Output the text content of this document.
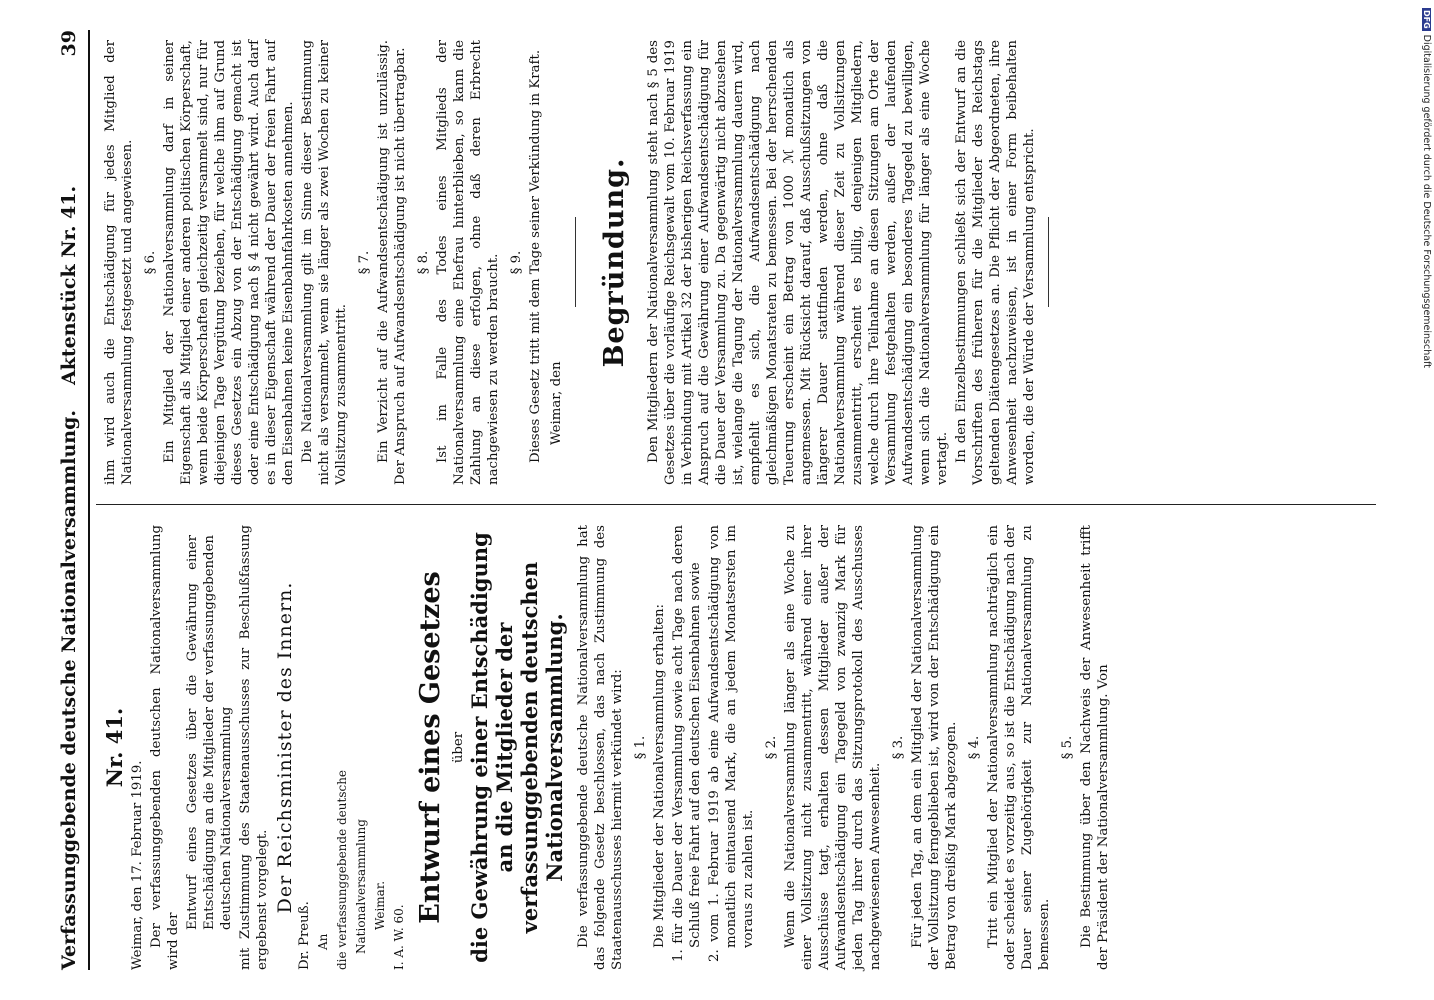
Verfassunggebende deutsche Nationalversammlung.
Aktenstück Nr. 41.
39
Nr. 41.

Weimar, den 17. Februar 1919. Der verfassunggebenden deutschen Nationalversammlung wird der

Entwurf eines Gesetzes über die Gewährung einer Entschädigung an die Mitglieder der verfassunggebenden deutschen Nationalversammlung mit Zustimmung des Staatenausschusses zur Beschlußfassung ergebenst vorgelegt. Der Reichsminister des Innern.

Dr. Preuß. An die verfassunggebende deutsche Nationalversammlung Weimar. I. A. W. 60.

Entwurf eines Gesetzes über die Gewährung einer Entschädigung an die Mitglieder der verfassunggebenden deutschen Nationalversammlung. Die verfassunggebende deutsche Nationalversammlung hat das folgende Gesetz beschlossen, das nach Zustimmung des Staatenausschusses hiermit verkündet wird: § 1. Die Mitglieder der Nationalversammlung erhalten: 1. für die Dauer der Versammlung sowie acht Tage nach deren Schluß freie Fahrt auf den deutschen Eisenbahnen sowie 2. vom 1. Februar 1919 ab eine Aufwandsentschädigung von monatlich eintausend Mark, die an jedem Monatsersten im voraus zu zahlen ist.

§ 2. Wenn die Nationalversammlung länger als eine Woche zu einer Vollsitzung nicht zusammentritt, während einer ihrer Ausschüsse tagt, erhalten dessen Mitglieder außer der Aufwandsentschädigung ein Tagegeld von zwanzig Mark für jeden Tag ihrer durch das Sitzungsprotokoll des Ausschusses nachgewiesenen Anwesenheit.

§ 3. Für jeden Tag, an dem ein Mitglied der Nationalversammlung der Vollsitzung ferngeblieben ist, wird von der Entschädigung ein Betrag von dreißig Mark abgezogen. § 4. Tritt ein Mitglied der Nationalversammlung nachträglich ein oder scheidet es vorzeitig aus, so ist die Entschädigung nach der Dauer seiner Zugehörigkeit zur Nationalversammlung zu bemessen.

§ 5. Die Bestimmung über den Nachweis der Anwesenheit trifft der Präsident der Nationalversammlung. Von

ihm wird auch die Entschädigung für jedes Mitglied der Nationalversammlung festgesetzt und angewiesen. § 6. Ein Mitglied der Nationalversammlung darf in seiner Eigenschaft als Mitglied einer anderen politischen Körperschaft, wenn beide Körperschaften gleichzeitig versammelt sind, nur für diejenigen Tage Vergütung beziehen, für welche ihm auf Grund dieses Gesetzes ein Abzug von der Entschädigung gemacht ist oder eine Entschädigung nach § 4 nicht gewährt wird. Auch darf es in dieser Eigenschaft während der Dauer der freien Fahrt auf den Eisenbahnen keine Eisenbahnfahrkosten annehmen. Die Nationalversammlung gilt im Sinne dieser Bestimmung nicht als versammelt, wenn sie länger als zwei Wochen zu keiner Vollsitzung zusammentritt.

§ 7. Ein Verzicht auf die Aufwandsentschädigung ist unzulässig. Der Anspruch auf Aufwandsentschädigung ist nicht übertragbar. § 8. Ist im Falle des Todes eines Mitglieds der Nationalversammlung eine Ehefrau hinterblieben, so kann die Zahlung an diese erfolgen, ohne daß deren Erbrecht nachgewiesen zu werden braucht. § 9. Dieses Gesetz tritt mit dem Tage seiner Verkündung in Kraft. Weimar, den

Begründung. Den Mitgliedern der Nationalversammlung steht nach § 5 des Gesetzes über die vorläufige Reichsgewalt vom 10. Februar 1919 in Verbindung mit Artikel 32 der bisherigen Reichsverfassung ein Anspruch auf die Gewährung einer Aufwandsentschädigung für die Dauer der Versammlung zu. Da gegenwärtig nicht abzusehen ist, wielange die Tagung der Nationalversammlung dauern wird, empfiehlt es sich, die Aufwandsentschädigung nach gleichmäßigen Monatsraten zu bemessen. Bei der herrschenden Teuerung erscheint ein Betrag von 1000 ℳ monatlich als angemessen. Mit Rücksicht darauf, daß Ausschußsitzungen von längerer Dauer stattfinden werden, ohne daß die Nationalversammlung während dieser Zeit zu Vollsitzungen zusammentritt, erscheint es billig, denjenigen Mitgliedern, welche durch ihre Teilnahme an diesen Sitzungen am Orte der Versammlung festgehalten werden, außer der laufenden Aufwandsentschädigung ein besonderes Tagegeld zu bewilligen, wenn sich die Nationalversammlung für länger als eine Woche vertagt. In den Einzelbestimmungen schließt sich der Entwurf an die Vorschriften des früheren für die Mitglieder des Reichstags geltenden Diätengesetzes an. Die Pflicht der Abgeordneten, ihre Anwesenheit nachzuweisen, ist in einer Form beibehalten worden, die der Würde der Versammlung entspricht.

DFGDigitalisierung gefördert durch die Deutsche Forschungsgemeinschaft
